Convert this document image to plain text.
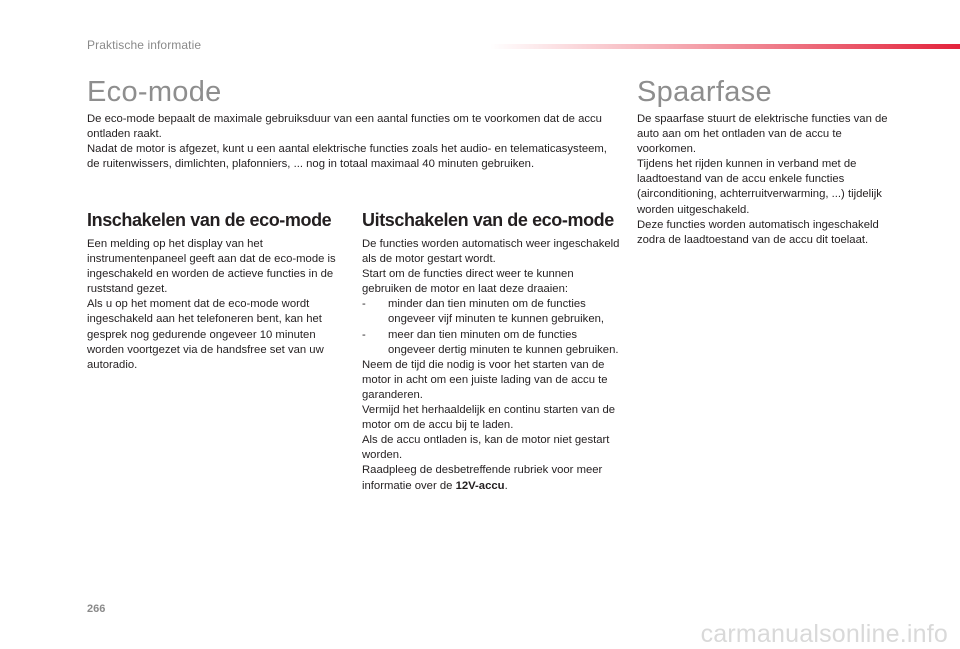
Praktische informatie
Eco-mode

De eco-mode bepaalt de maximale gebruiksduur van een aantal functies om te voorkomen dat de accu ontladen raakt.

Nadat de motor is afgezet, kunt u een aantal elektrische functies zoals het audio- en telematicasysteem, de ruitenwissers, dimlichten, plafonniers, ... nog in totaal maximaal 40 minuten gebruiken.

Inschakelen van de eco-mode

Een melding op het display van het instrumentenpaneel geeft aan dat de eco-mode is ingeschakeld en worden de actieve functies in de ruststand gezet.

Als u op het moment dat de eco-mode wordt ingeschakeld aan het telefoneren bent, kan het gesprek nog gedurende ongeveer 10 minuten worden voortgezet via de handsfree set van uw autoradio.

Uitschakelen van de eco-mode

De functies worden automatisch weer ingeschakeld als de motor gestart wordt.

Start om de functies direct weer te kunnen gebruiken de motor en laat deze draaien:

-	minder dan tien minuten om de functies ongeveer vijf minuten te kunnen gebruiken,
-	meer dan tien minuten om de functies ongeveer dertig minuten te kunnen gebruiken.

Neem de tijd die nodig is voor het starten van de motor in acht om een juiste lading van de accu te garanderen.

Vermijd het herhaaldelijk en continu starten van de motor om de accu bij te laden.

Als de accu ontladen is, kan de motor niet gestart worden.

Raadpleeg de desbetreffende rubriek voor meer informatie over de 12V-accu.

Spaarfase

De spaarfase stuurt de elektrische functies van de auto aan om het ontladen van de accu te voorkomen.

Tijdens het rijden kunnen in verband met de laadtoestand van de accu enkele functies (airconditioning, achterruitverwarming, ...) tijdelijk worden uitgeschakeld.

Deze functies worden automatisch ingeschakeld zodra de laadtoestand van de accu dit toelaat.

266
carmanualsonline.info
